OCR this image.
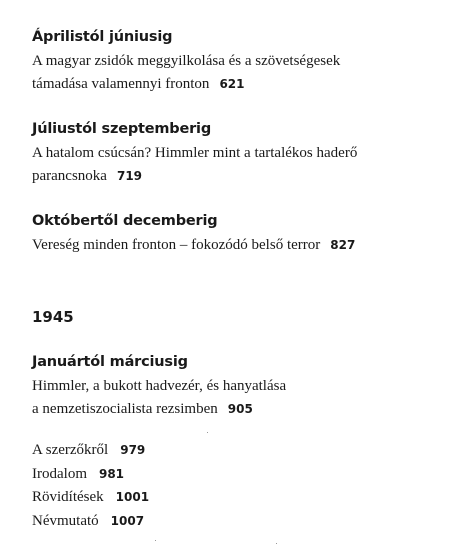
Áprilistól júniusig
A magyar zsidók meggyilkolása és a szövetségesek
támadása valamennyi fronton 621
Júliustól szeptemberig
A hatalom csúcsán? Himmler mint a tartalékos haderő
parancsnoka 719
Októbertől decemberig
Vereség minden fronton – fokozódó belső terror 827
1945
Januártól márciusig
Himmler, a bukott hadvezér, és hanyatlása
a nemzetiszocialista rezsimben 905
A szerzőkről 979
Irodalom 981
Rövidítések 1001
Névmutató 1007
